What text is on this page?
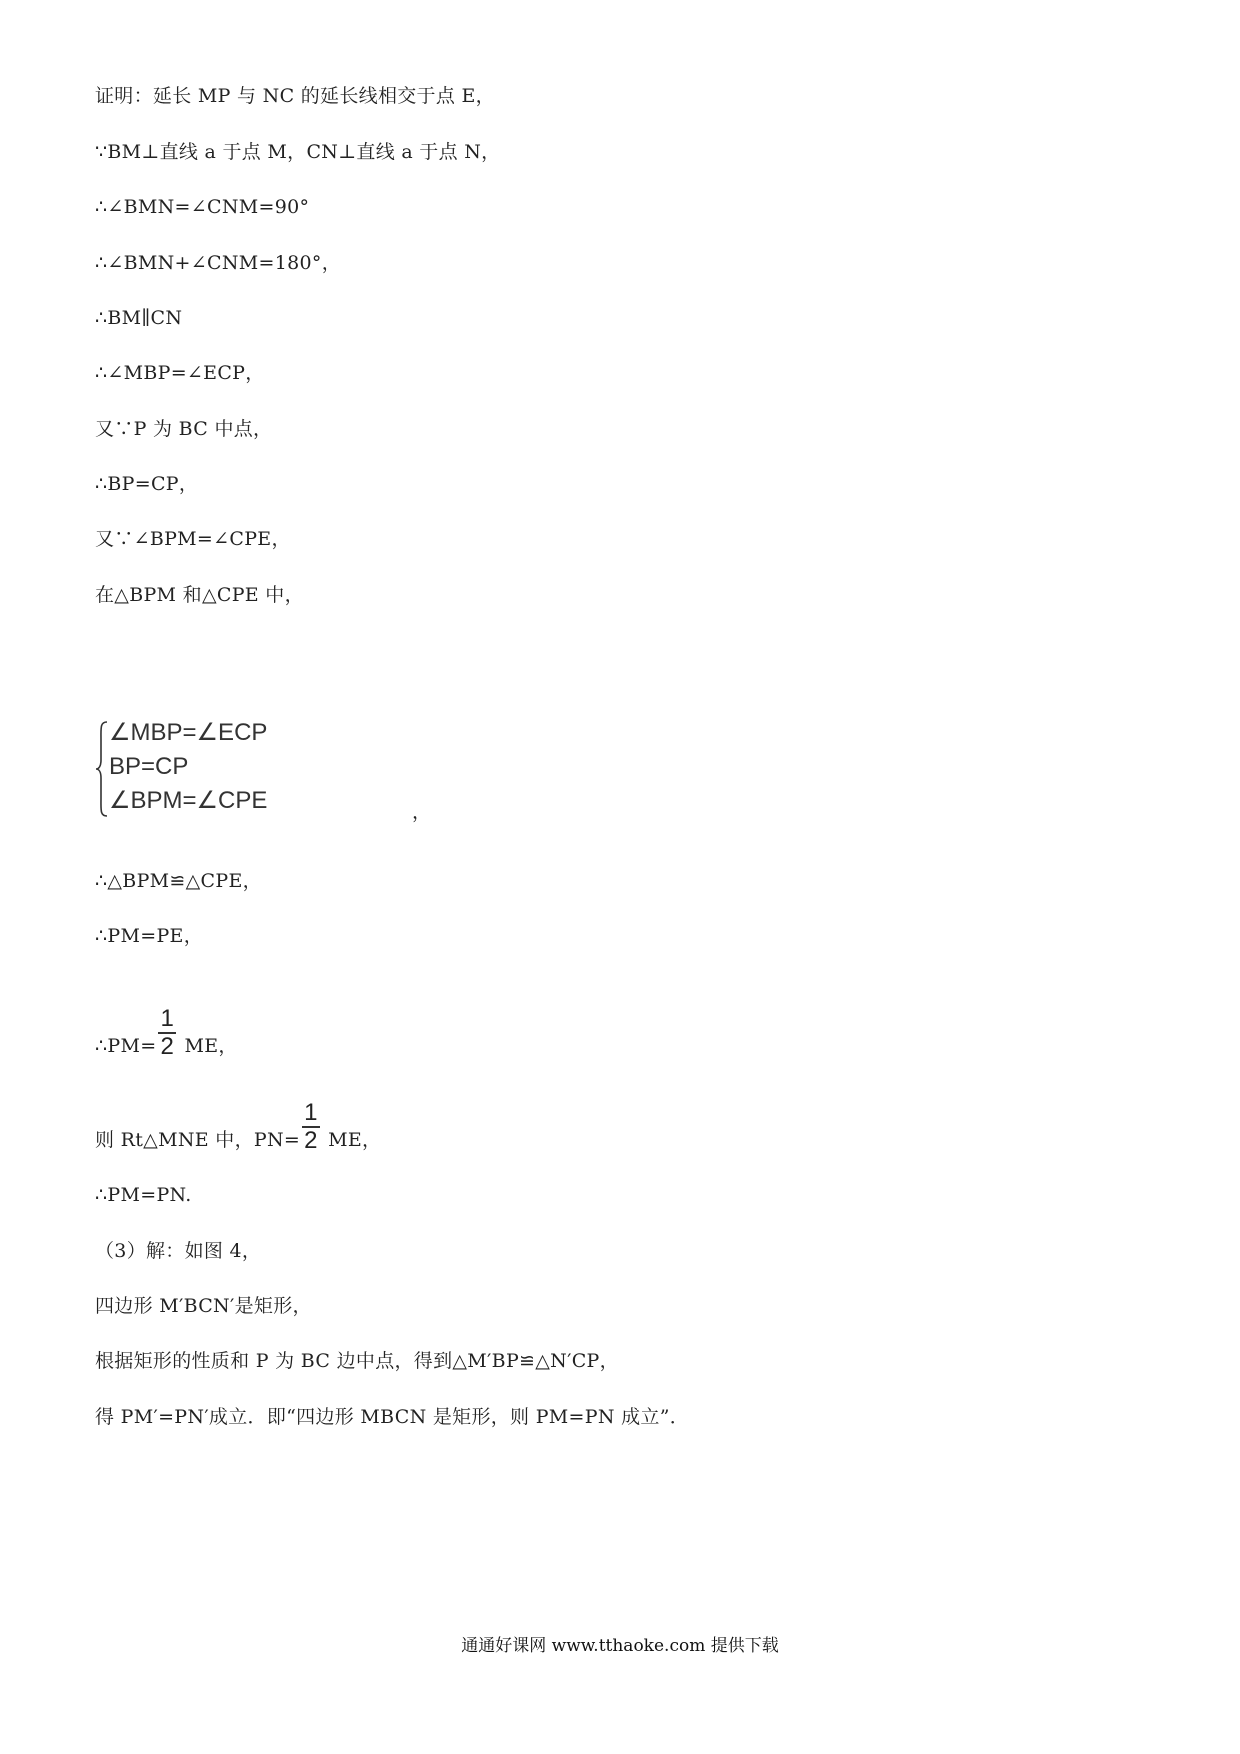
证明：延长 MP 与 NC 的延长线相交于点 E，
∵BM⊥直线 a 于点 M，CN⊥直线 a 于点 N，
∴∠BMN=∠CNM=90°
∴∠BMN+∠CNM=180°，
∴BM∥CN
∴∠MBP=∠ECP，
又∵P 为 BC 中点，
∴BP=CP，
又∵∠BPM=∠CPE，
在△BPM 和△CPE 中，
∠MBP=∠ECP
BP=CP
∠BPM=∠CPE	，
∴△BPM≌△CPE，
∴PM=PE，
∴PM= $\frac{1}{2}$ ME，
则 Rt△MNE 中，$PN= \frac{1}{2}$ ME，
∴PM=PN.
（3）解：如图 4，
四边形 M′BCN′是矩形，
根据矩形的性质和 P 为 BC 边中点，得到△M′BP≌△N′CP，
得 PM′=PN′成立．即“四边形 MBCN 是矩形，则 PM=PN 成立”．
通通好课网 www.tthaoke.com 提供下载
